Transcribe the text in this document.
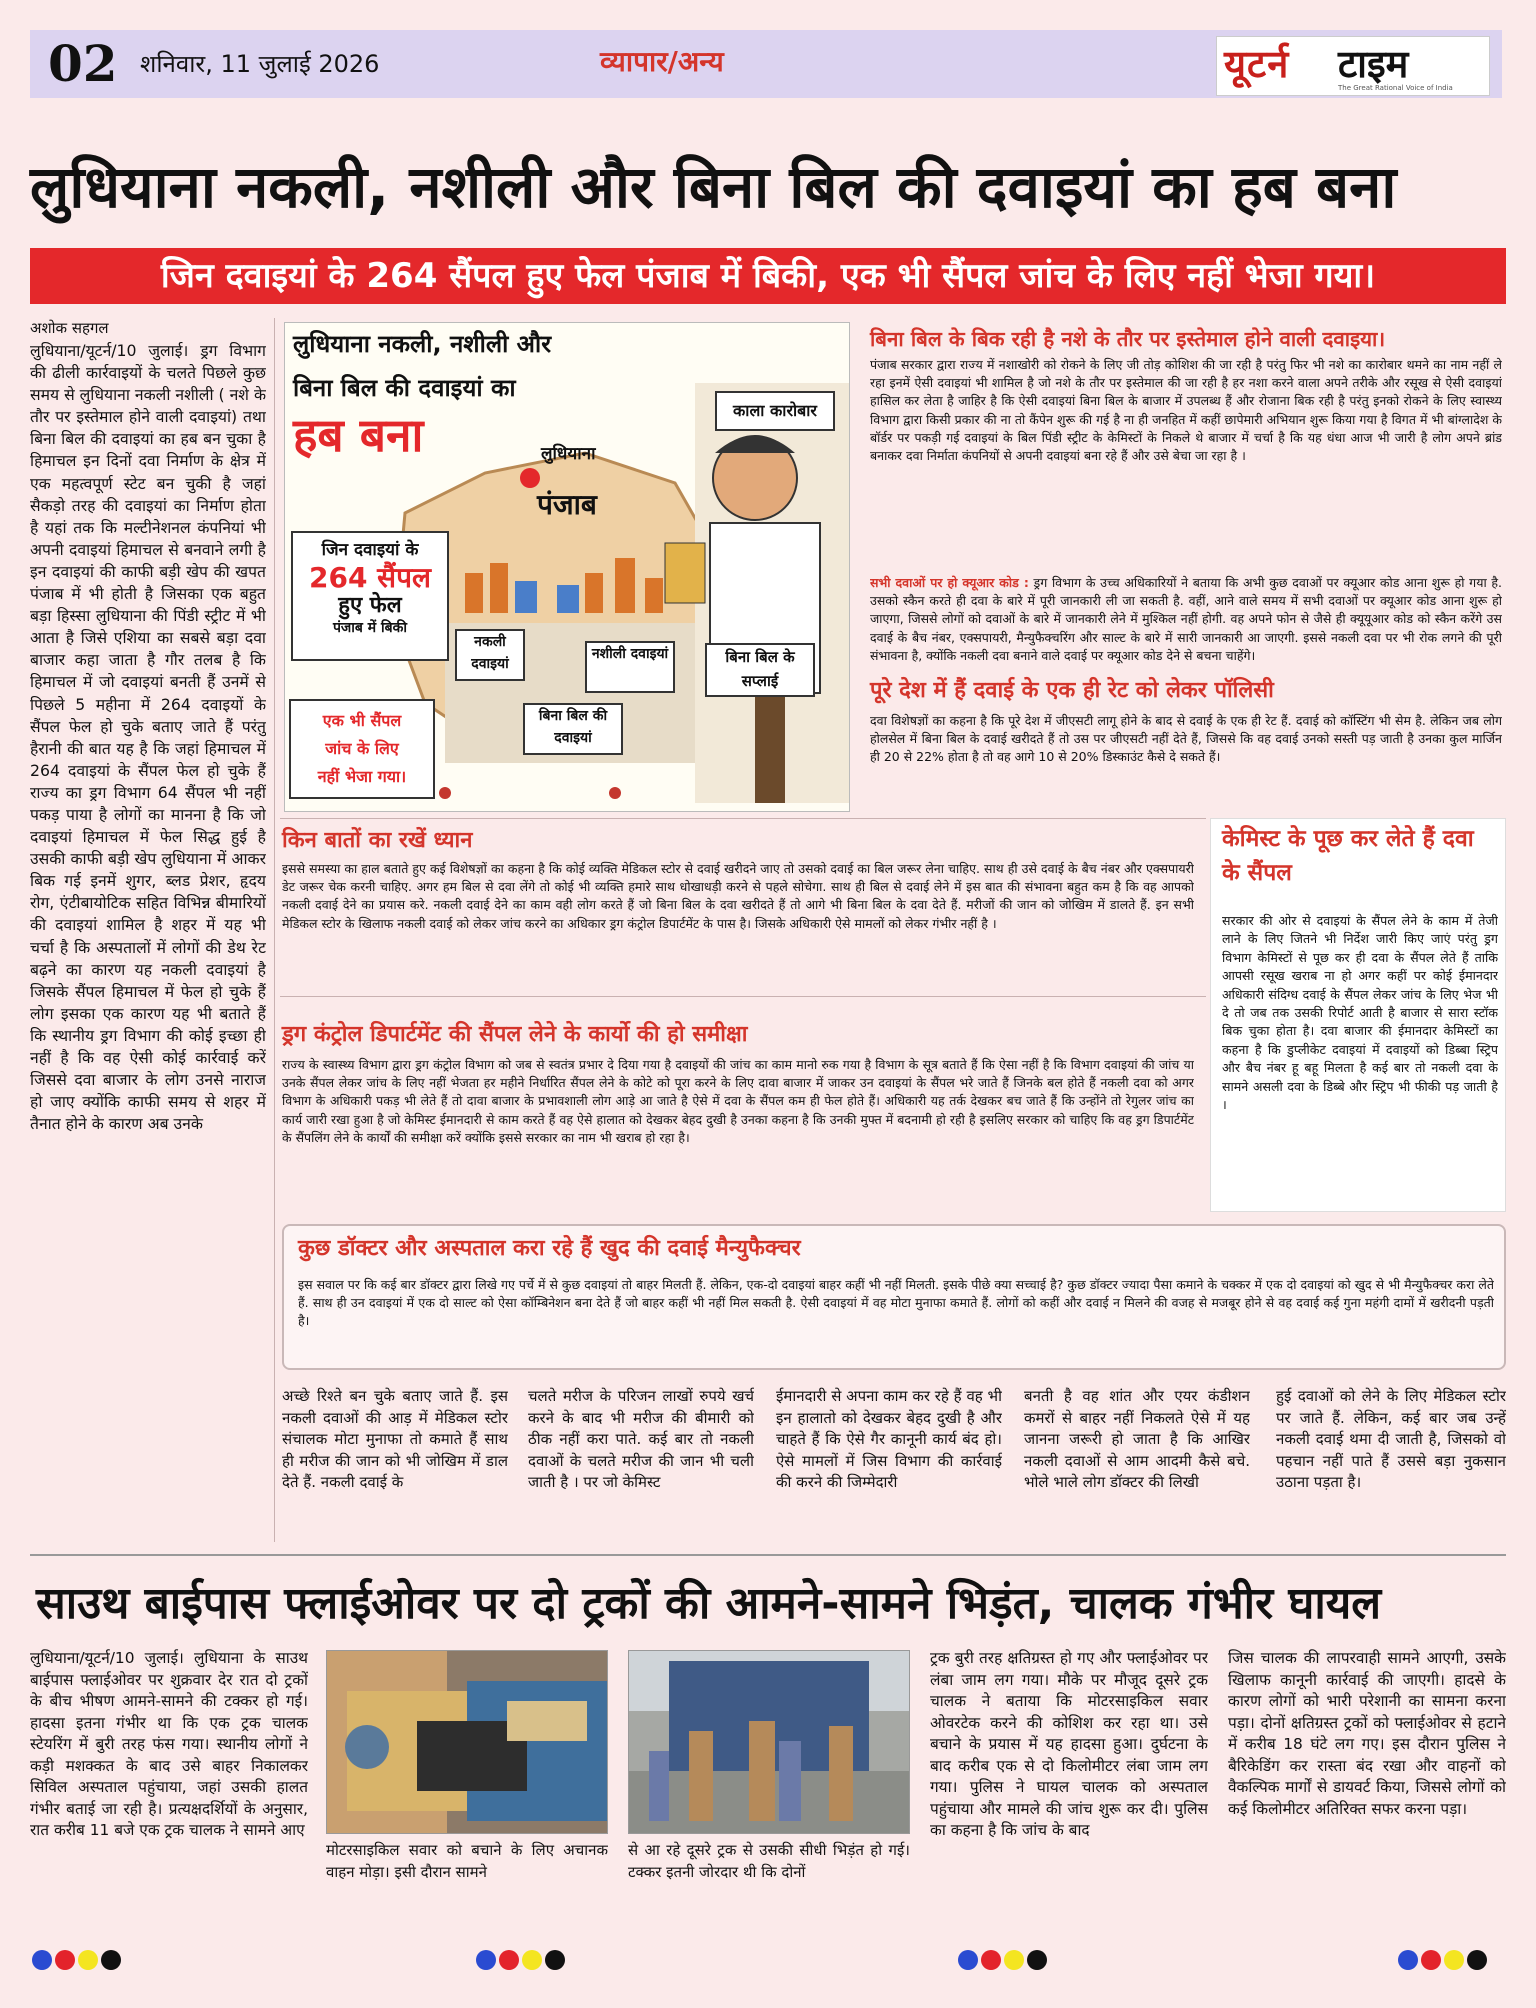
02 शनिवार, 11 जुलाई 2026	व्यापार/अन्य	यूटर्न टाइम
The Great Rational Voice of India
लुधियाना नकली, नशीली और बिना बिल की दवाइयां का हब बना
जिन दवाइयां के 264 सैंपल हुए फेल पंजाब में बिकी, एक भी सैंपल जांच के लिए नहीं भेजा गया।
अशोक सहगल
लुधियाना/यूटर्न/10 जुलाई। ड्रग विभाग की ढीली कार्रवाइयों के चलते पिछले कुछ समय से लुधियाना नकली नशीली ( नशे के तौर पर इस्तेमाल होने वाली दवाइयां) तथा बिना बिल की दवाइयां का हब बन चुका है हिमाचल इन दिनों दवा निर्माण के क्षेत्र में एक महत्वपूर्ण स्टेट बन चुकी है जहां सैकड़ो तरह की दवाइयां का निर्माण होता है यहां तक कि मल्टीनेशनल कंपनियां भी अपनी दवाइयां हिमाचल से बनवाने लगी है इन दवाइयां की काफी बड़ी खेप की खपत पंजाब में भी होती है जिसका एक बहुत बड़ा हिस्सा लुधियाना की पिंडी स्ट्रीट में भी आता है जिसे एशिया का सबसे बड़ा दवा बाजार कहा जाता है गौर तलब है कि हिमाचल में जो दवाइयां बनती हैं उनमें से पिछले 5 महीना में 264 दवाइयों के सैंपल फेल हो चुके बताए जाते हैं परंतु हैरानी की बात यह है कि जहां हिमाचल में 264 दवाइयां के सैंपल फेल हो चुके हैं राज्य का ड्रग विभाग 64 सैंपल भी नहीं पकड़ पाया है लोगों का मानना है कि जो दवाइयां हिमाचल में फेल सिद्ध हुई है उसकी काफी बड़ी खेप लुधियाना में आकर बिक गई इनमें शुगर, ब्लड प्रेशर, हृदय रोग, एंटीबायोटिक सहित विभिन्न बीमारियों की दवाइयां शामिल है शहर में यह भी चर्चा है कि अस्पतालों में लोगों की डेथ रेट बढ़ने का कारण यह नकली दवाइयां है जिसके सैंपल हिमाचल में फेल हो चुके हैं लोग इसका एक कारण यह भी बताते हैं कि स्थानीय ड्रग विभाग की कोई इच्छा ही नहीं है कि वह ऐसी कोई कार्रवाई करें जिससे दवा बाजार के लोग उनसे नाराज हो जाए क्योंकि काफी समय से शहर में तैनात होने के कारण अब उनके
लुधियाना नकली, नशीली और
बिना बिल की दवाइयां का
हब बना	लुधियाना
पंजाब
जिन दवाइयां के
264 सैंपल
हुए फेल
पंजाब में बिकी
नकली दवाइयां
नशीली दवाइयां
बिना बिल की दवाइयां
एक भी सैंपल
जांच के लिए
नहीं भेजा गया।
काला कारोबार
बिना बिल के सप्लाई
बिना बिल के बिक रही है नशे के तौर पर इस्तेमाल होने वाली दवाइया।
पंजाब सरकार द्वारा राज्य में नशाखोरी को रोकने के लिए जी तोड़ कोशिश की जा रही है परंतु फिर भी नशे का कारोबार थमने का नाम नहीं ले रहा इनमें ऐसी दवाइयां भी शामिल है जो नशे के तौर पर इस्तेमाल की जा रही है हर नशा करने वाला अपने तरीके और रसूख से ऐसी दवाइयां हासिल कर लेता है जाहिर है कि ऐसी दवाइयां बिना बिल के बाजार में उपलब्ध हैं और रोजाना बिक रही है परंतु इनको रोकने के लिए स्वास्थ्य विभाग द्वारा किसी प्रकार की ना तो कैंपेन शुरू की गई है ना ही जनहित में कहीं छापेमारी अभियान शुरू किया गया है विगत में भी बांग्लादेश के बॉर्डर पर पकड़ी गई दवाइयां के बिल पिंडी स्ट्रीट के केमिस्टों के निकले थे बाजार में चर्चा है कि यह धंधा आज भी जारी है लोग अपने ब्रांड बनाकर दवा निर्माता कंपनियों से अपनी दवाइयां बना रहे हैं और उसे बेचा जा रहा है ।
सभी दवाओं पर हो क्यूआर कोड : ड्रग विभाग के उच्च अधिकारियों ने बताया कि अभी कुछ दवाओं पर क्यूआर कोड आना शुरू हो गया है. उसको स्कैन करते ही दवा के बारे में पूरी जानकारी ली जा सकती है. वहीं, आने वाले समय में सभी दवाओं पर क्यूआर कोड आना शुरू हो जाएगा, जिससे लोगों को दवाओं के बारे में जानकारी लेने में मुश्किल नहीं होगी. वह अपने फोन से जैसे ही क्यूयूआर कोड को स्कैन करेंगे उस दवाई के बैच नंबर, एक्सपायरी, मैन्युफैक्चरिंग और साल्ट के बारे में सारी जानकारी आ जाएगी. इससे नकली दवा पर भी रोक लगने की पूरी संभावना है, क्योंकि नकली दवा बनाने वाले दवाई पर क्यूआर कोड देने से बचना चाहेंगे।
पूरे देश में हैं दवाई के एक ही रेट को लेकर पॉलिसी
दवा विशेषज्ञों का कहना है कि पूरे देश में जीएसटी लागू होने के बाद से दवाई के एक ही रेट हैं. दवाई को कॉस्टिंग भी सेम है. लेकिन जब लोग होलसेल में बिना बिल के दवाई खरीदते हैं तो उस पर जीएसटी नहीं देते हैं, जिससे कि वह दवाई उनको सस्ती पड़ जाती है उनका कुल मार्जिन ही 20 से 22% होता है तो वह आगे 10 से 20% डिस्काउंट कैसे दे सकते हैं।
किन बातों का रखें ध्यान
इससे समस्या का हाल बताते हुए कई विशेषज्ञों का कहना है कि कोई व्यक्ति मेडिकल स्टोर से दवाई खरीदने जाए तो उसको दवाई का बिल जरूर लेना चाहिए. साथ ही उसे दवाई के बैच नंबर और एक्सपायरी डेट जरूर चेक करनी चाहिए. अगर हम बिल से दवा लेंगे तो कोई भी व्यक्ति हमारे साथ धोखाधड़ी करने से पहले सोचेगा. साथ ही बिल से दवाई लेने में इस बात की संभावना बहुत कम है कि वह आपको नकली दवाई देने का प्रयास करे. नकली दवाई देने का काम वही लोग करते हैं जो बिना बिल के दवा खरीदते हैं तो आगे भी बिना बिल के दवा देते हैं. मरीजों की जान को जोखिम में डालते हैं. इन सभी मेडिकल स्टोर के खिलाफ नकली दवाई को लेकर जांच करने का अधिकार ड्रग कंट्रोल डिपार्टमेंट के पास है। जिसके अधिकारी ऐसे मामलों को लेकर गंभीर नहीं है ।
केमिस्ट के पूछ कर लेते हैं दवा के सैंपल
सरकार की ओर से दवाइयां के सैंपल लेने के काम में तेजी लाने के लिए जितने भी निर्देश जारी किए जाएं परंतु ड्रग विभाग केमिस्टों से पूछ कर ही दवा के सैंपल लेते हैं ताकि आपसी रसूख खराब ना हो अगर कहीं पर कोई ईमानदार अधिकारी संदिग्ध दवाई के सैंपल लेकर जांच के लिए भेज भी दे तो जब तक उसकी रिपोर्ट आती है बाजार से सारा स्टॉक बिक चुका होता है। दवा बाजार की ईमानदार केमिस्टों का कहना है कि डुप्लीकेट दवाइयां में दवाइयों को डिब्बा स्ट्रिप और बैच नंबर हू बहू मिलता है कई बार तो नकली दवा के सामने असली दवा के डिब्बे और स्ट्रिप भी फीकी पड़ जाती है ।
ड्रग कंट्रोल डिपार्टमेंट की सैंपल लेने के कार्यो की हो समीक्षा
राज्य के स्वास्थ्य विभाग द्वारा ड्रग कंट्रोल विभाग को जब से स्वतंत्र प्रभार दे दिया गया है दवाइयों की जांच का काम मानो रुक गया है विभाग के सूत्र बताते हैं कि ऐसा नहीं है कि विभाग दवाइयां की जांच या उनके सैंपल लेकर जांच के लिए नहीं भेजता हर महीने निर्धारित सैंपल लेने के कोटे को पूरा करने के लिए दावा बाजार में जाकर उन दवाइयां के सैंपल भरे जाते हैं जिनके बल होते हैं नकली दवा को अगर विभाग के अधिकारी पकड़ भी लेते हैं तो दावा बाजार के प्रभावशाली लोग आड़े आ जाते है ऐसे में दवा के सैंपल कम ही फेल होते हैं। अधिकारी यह तर्क देखकर बच जाते हैं कि उन्होंने तो रेगुलर जांच का कार्य जारी रखा हुआ है जो केमिस्ट ईमानदारी से काम करते हैं वह ऐसे हालात को देखकर बेहद दुखी है उनका कहना है कि उनकी मुफ्त में बदनामी हो रही है इसलिए सरकार को चाहिए कि वह ड्रग डिपार्टमेंट के सैंपलिंग लेने के कार्यों की समीक्षा करें क्योंकि इससे सरकार का नाम भी खराब हो रहा है।
कुछ डॉक्टर और अस्पताल करा रहे हैं खुद की दवाई मैन्युफैक्चर
इस सवाल पर कि कई बार डॉक्टर द्वारा लिखे गए पर्चे में से कुछ दवाइयां तो बाहर मिलती हैं. लेकिन, एक-दो दवाइयां बाहर कहीं भी नहीं मिलती. इसके पीछे क्या सच्चाई है? कुछ डॉक्टर ज्यादा पैसा कमाने के चक्कर में एक दो दवाइयां को खुद से भी मैन्युफैक्चर करा लेते हैं. साथ ही उन दवाइयां में एक दो साल्ट को ऐसा कॉम्बिनेशन बना देते हैं जो बाहर कहीं भी नहीं मिल सकती है. ऐसी दवाइयां में वह मोटा मुनाफा कमाते हैं. लोगों को कहीं और दवाई न मिलने की वजह से मजबूर होने से वह दवाई कई गुना महंगी दामों में खरीदनी पड़ती है।
अच्छे रिश्ते बन चुके बताए जाते हैं. इस नकली दवाओं की आड़ में मेडिकल स्टोर संचालक मोटा मुनाफा तो कमाते हैं साथ ही मरीज की जान को भी जोखिम में डाल देते हैं. नकली दवाई के
चलते मरीज के परिजन लाखों रुपये खर्च करने के बाद भी मरीज की बीमारी को ठीक नहीं करा पाते. कई बार तो नकली दवाओं के चलते मरीज की जान भी चली जाती है । पर जो केमिस्ट
ईमानदारी से अपना काम कर रहे हैं वह भी इन हालातो को देखकर बेहद दुखी है और चाहते हैं कि ऐसे गैर कानूनी कार्य बंद हो। ऐसे मामलों में जिस विभाग की कार्रवाई की करने की जिम्मेदारी
बनती है वह शांत और एयर कंडीशन कमरों से बाहर नहीं निकलते ऐसे में यह जानना जरूरी हो जाता है कि आखिर नकली दवाओं से आम आदमी कैसे बचे. भोले भाले लोग डॉक्टर की लिखी
हुई दवाओं को लेने के लिए मेडिकल स्टोर पर जाते हैं. लेकिन, कई बार जब उन्हें नकली दवाई थमा दी जाती है, जिसको वो पहचान नहीं पाते हैं उससे बड़ा नुकसान उठाना पड़ता है।
साउथ बाईपास फ्लाईओवर पर दो ट्रकों की आमने-सामने भिड़ंत, चालक गंभीर घायल
लुधियाना/यूटर्न/10 जुलाई। लुधियाना के साउथ बाईपास फ्लाईओवर पर शुक्रवार देर रात दो ट्रकों के बीच भीषण आमने-सामने की टक्कर हो गई। हादसा इतना गंभीर था कि एक ट्रक चालक स्टेयरिंग में बुरी तरह फंस गया। स्थानीय लोगों ने कड़ी मशक्कत के बाद उसे बाहर निकालकर सिविल अस्पताल पहुंचाया, जहां उसकी हालत गंभीर बताई जा रही है। प्रत्यक्षदर्शियों के अनुसार, रात करीब 11 बजे एक ट्रक चालक ने सामने आए
मोटरसाइकिल सवार को बचाने के लिए अचानक वाहन मोड़ा। इसी दौरान सामने
से आ रहे दूसरे ट्रक से उसकी सीधी भिड़ंत हो गई। टक्कर इतनी जोरदार थी कि दोनों
ट्रक बुरी तरह क्षतिग्रस्त हो गए और फ्लाईओवर पर लंबा जाम लग गया। मौके पर मौजूद दूसरे ट्रक चालक ने बताया कि मोटरसाइकिल सवार ओवरटेक करने की कोशिश कर रहा था। उसे बचाने के प्रयास में यह हादसा हुआ। दुर्घटना के बाद करीब एक से दो किलोमीटर लंबा जाम लग गया। पुलिस ने घायल चालक को अस्पताल पहुंचाया और मामले की जांच शुरू कर दी। पुलिस का कहना है कि जांच के बाद
जिस चालक की लापरवाही सामने आएगी, उसके खिलाफ कानूनी कार्रवाई की जाएगी। हादसे के कारण लोगों को भारी परेशानी का सामना करना पड़ा। दोनों क्षतिग्रस्त ट्रकों को फ्लाईओवर से हटाने में करीब 18 घंटे लग गए। इस दौरान पुलिस ने बैरिकेडिंग कर रास्ता बंद रखा और वाहनों को वैकल्पिक मार्गों से डायवर्ट किया, जिससे लोगों को कई किलोमीटर अतिरिक्त सफर करना पड़ा।
